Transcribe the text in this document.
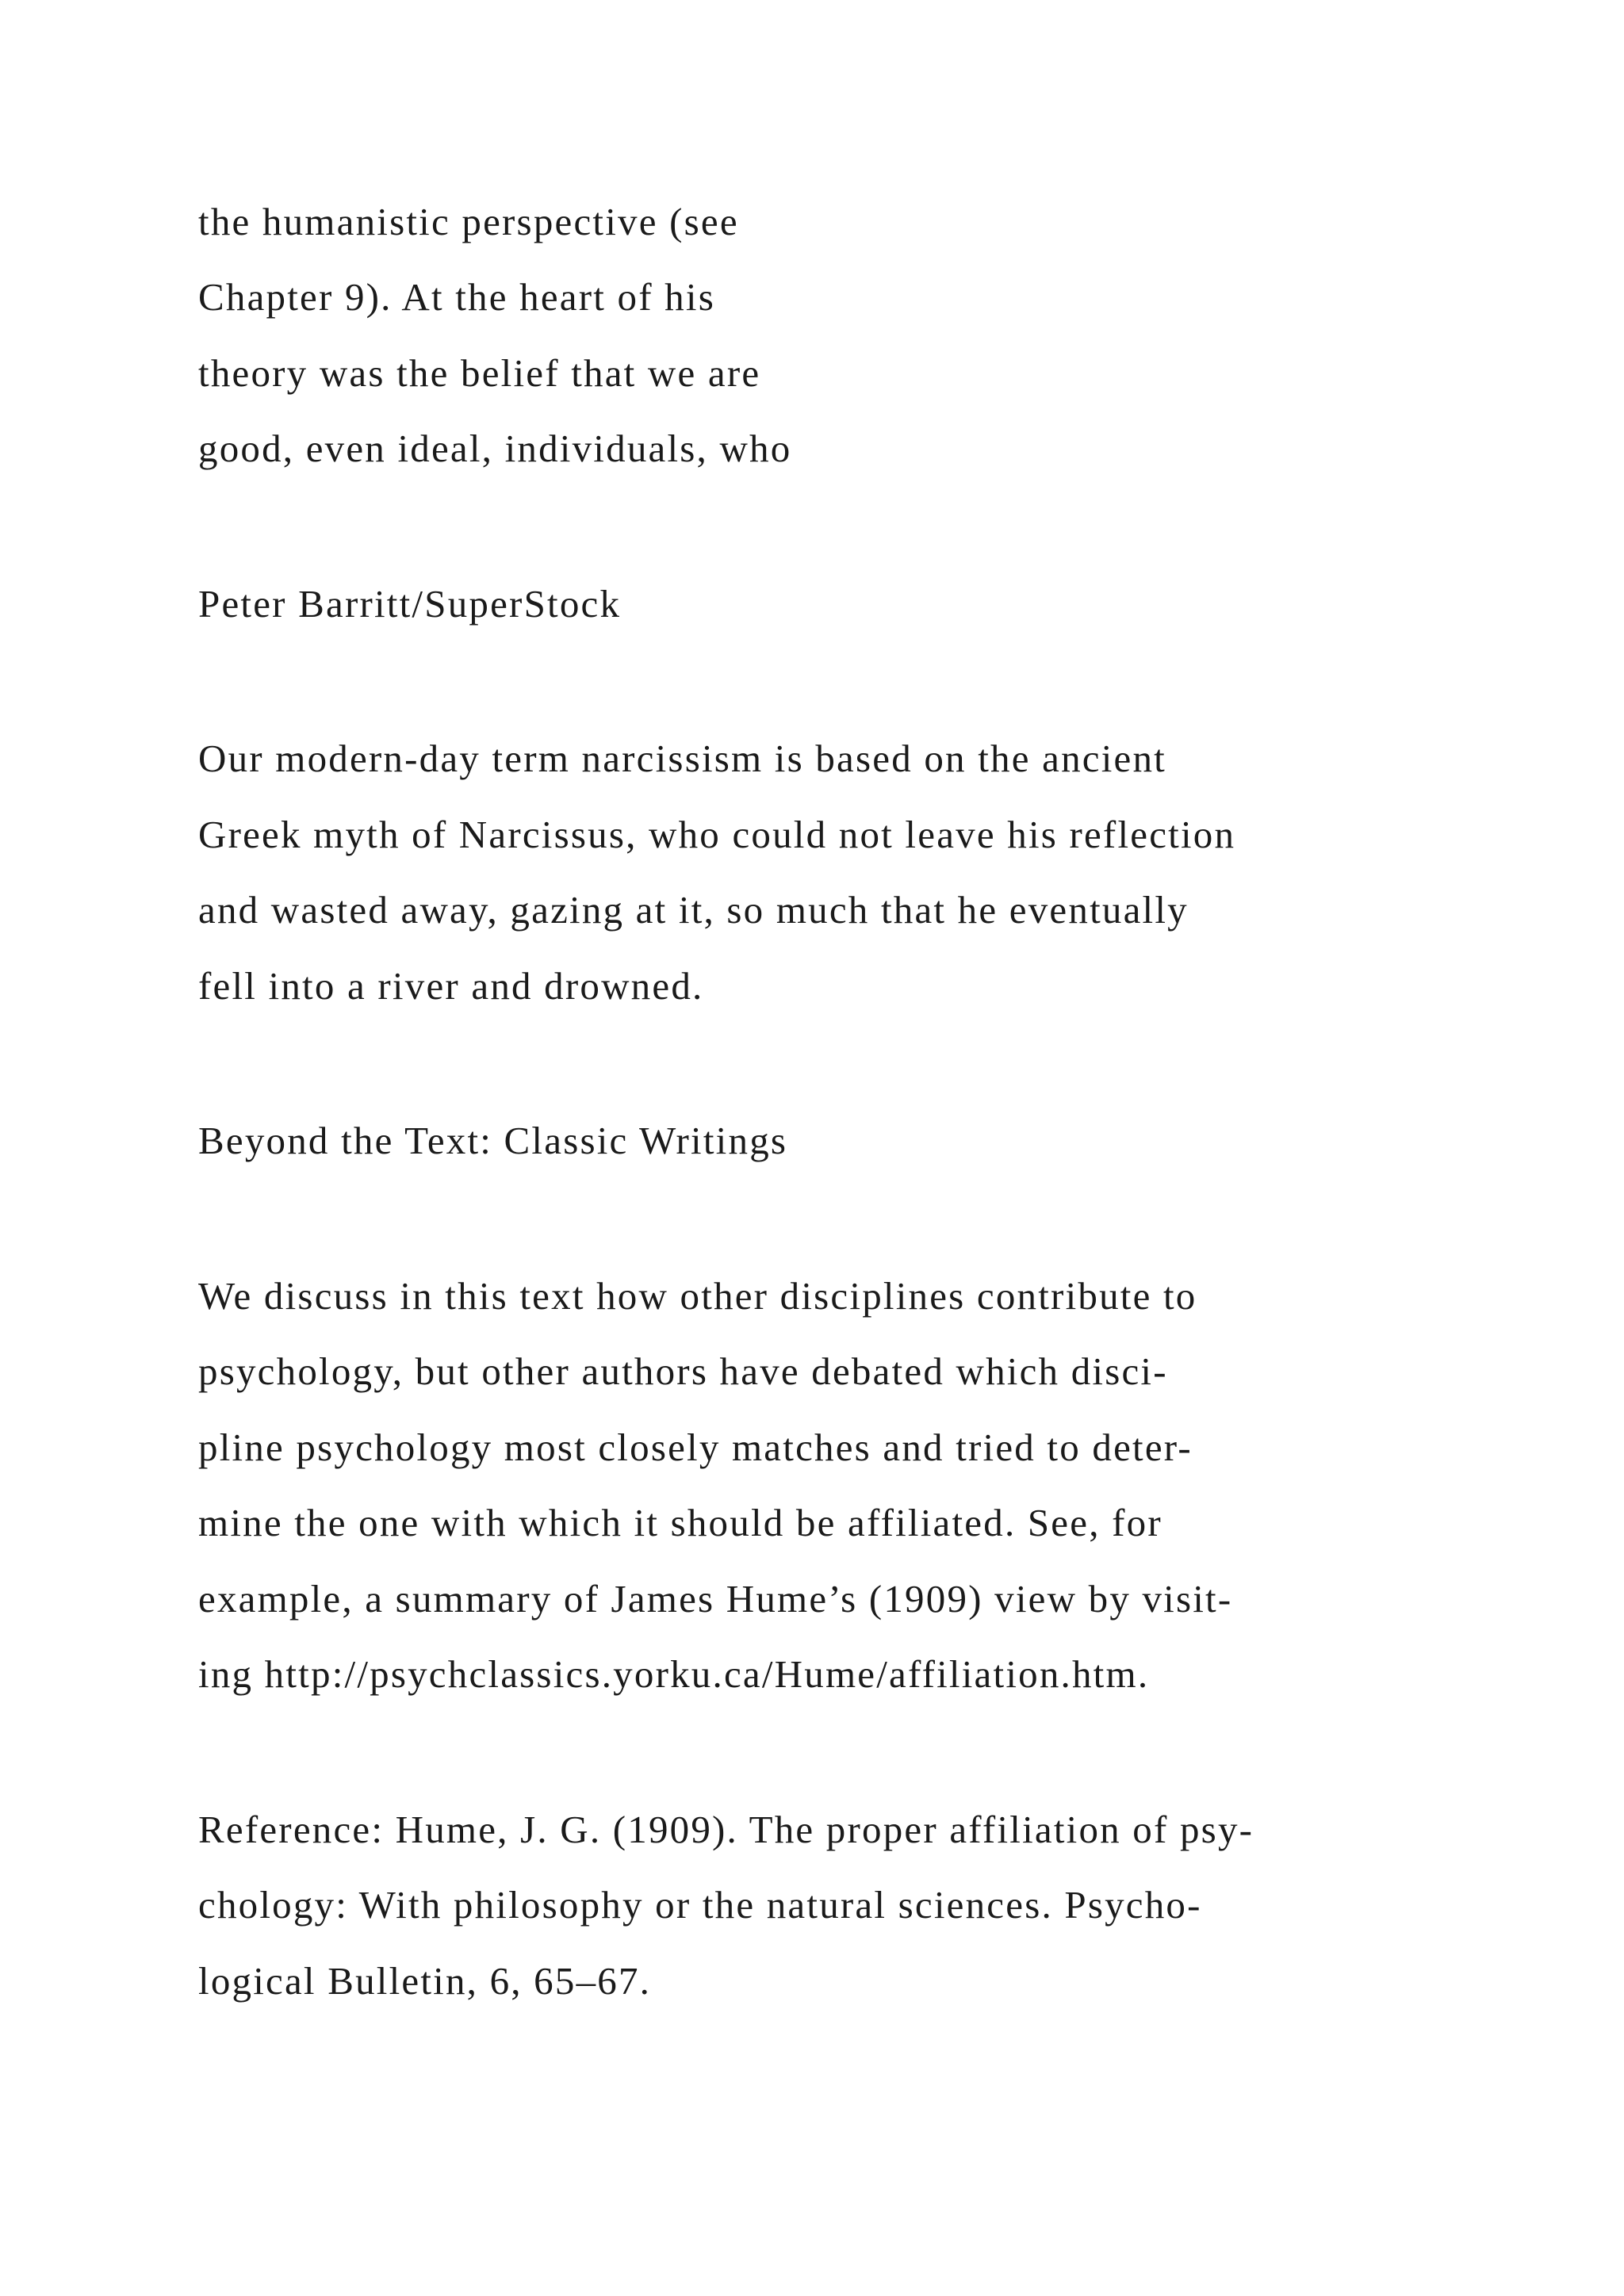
the humanistic perspective (see

Chapter 9). At the heart of his

theory was the belief that we are

good, even ideal, individuals, who

Peter Barritt/SuperStock

Our modern-day term narcissism is based on the ancient

Greek myth of Narcissus, who could not leave his reflection

and wasted away, gazing at it, so much that he eventually

fell into a river and drowned.

Beyond the Text: Classic Writings

We discuss in this text how other disciplines contribute to

psychology, but other authors have debated which disci-

pline psychology most closely matches and tried to deter-

mine the one with which it should be affiliated. See, for

example, a summary of James Hume’s (1909) view by visit-

ing http://psychclassics.yorku.ca/Hume/affiliation.htm.

Reference: Hume, J. G. (1909). The proper affiliation of psy-

chology: With philosophy or the natural sciences. Psycho-

logical Bulletin, 6, 65–67.
